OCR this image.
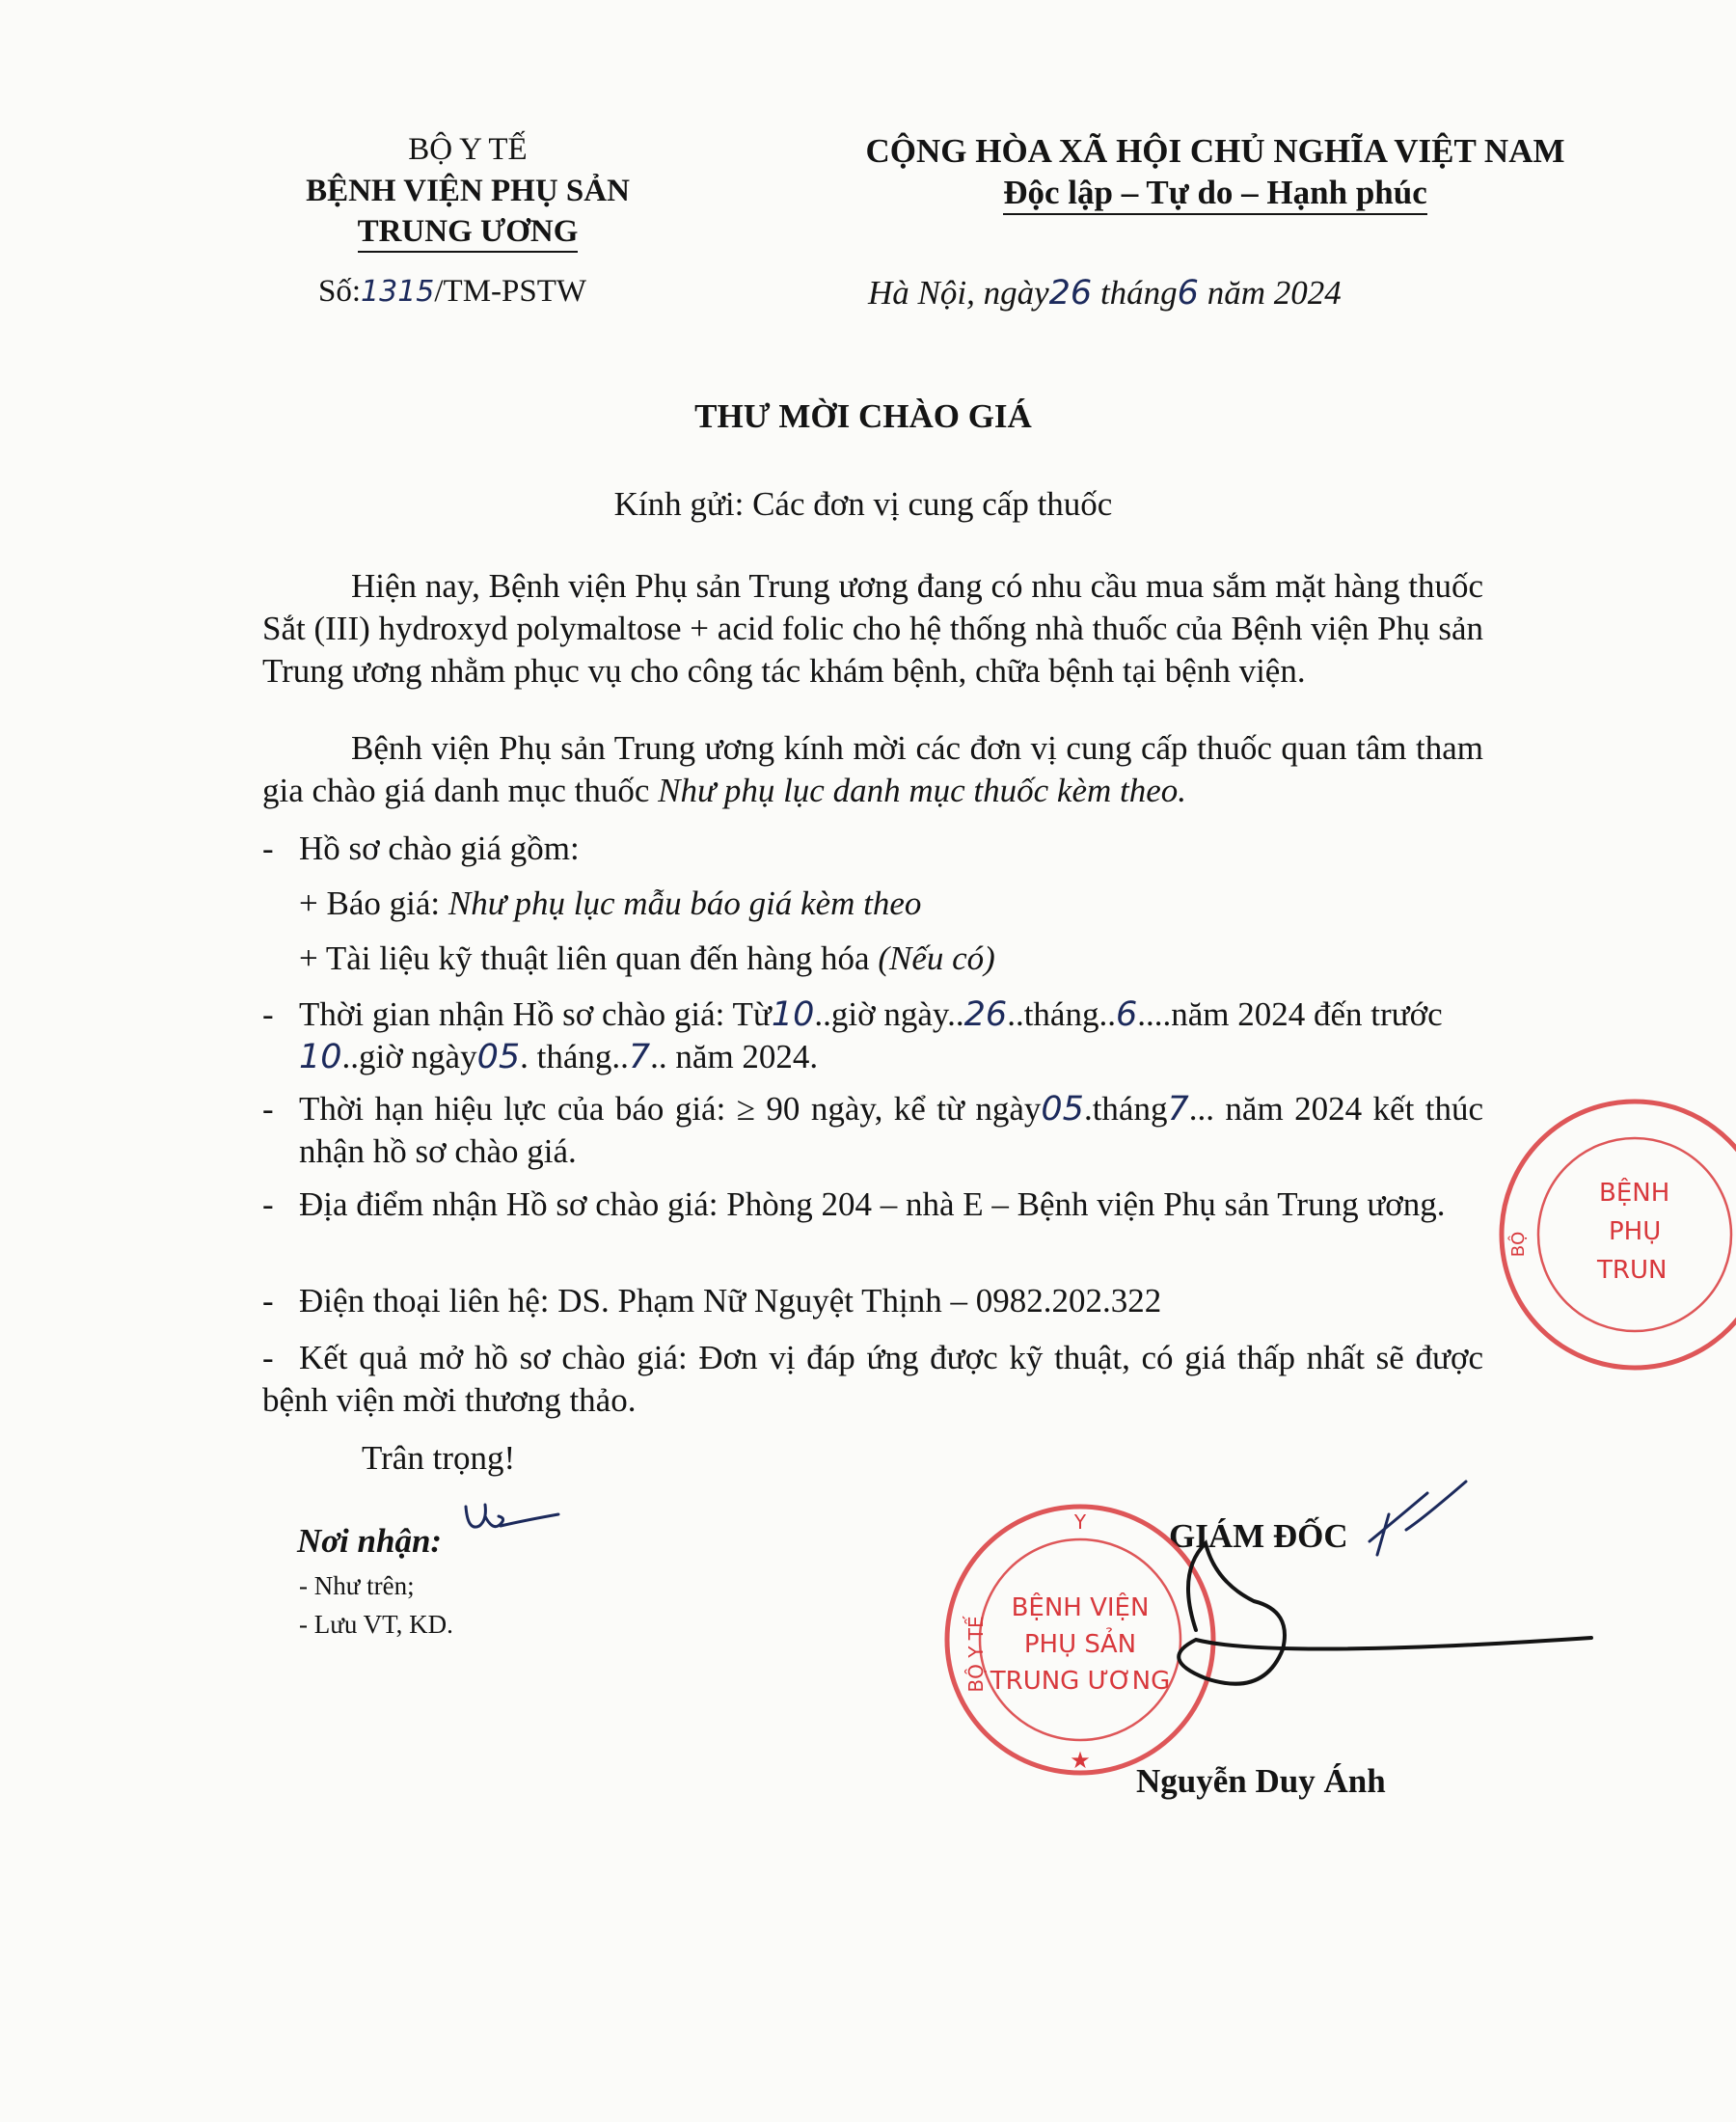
BỘ Y TẾ
BỆNH VIỆN PHỤ SẢN
TRUNG ƯƠNG
Số:1315/TM-PSTW
CỘNG HÒA XÃ HỘI CHỦ NGHĨA VIỆT NAM
Độc lập – Tự do – Hạnh phúc
Hà Nội, ngày26 tháng6 năm 2024
THƯ MỜI CHÀO GIÁ
Kính gửi: Các đơn vị cung cấp thuốc
Hiện nay, Bệnh viện Phụ sản Trung ương đang có nhu cầu mua sắm mặt hàng thuốc Sắt (III) hydroxyd polymaltose + acid folic cho hệ thống nhà thuốc của Bệnh viện Phụ sản Trung ương nhằm phục vụ cho công tác khám bệnh, chữa bệnh tại bệnh viện.
Bệnh viện Phụ sản Trung ương kính mời các đơn vị cung cấp thuốc quan tâm tham gia chào giá danh mục thuốc Như phụ lục danh mục thuốc kèm theo.
- Hồ sơ chào giá gồm:
+ Báo giá: Như phụ lục mẫu báo giá kèm theo
+ Tài liệu kỹ thuật liên quan đến hàng hóa (Nếu có)
- Thời gian nhận Hồ sơ chào giá: Từ10..giờ ngày..26..tháng..6....năm 2024 đến trước
10..giờ ngày05. tháng..7.. năm 2024.
- Thời hạn hiệu lực của báo giá: ≥ 90 ngày, kể từ ngày05.tháng7... năm 2024 kết thúc nhận hồ sơ chào giá.
- Địa điểm nhận Hồ sơ chào giá: Phòng 204 – nhà E – Bệnh viện Phụ sản Trung ương.
- Điện thoại liên hệ: DS. Phạm Nữ Nguyệt Thịnh – 0982.202.322
- Kết quả mở hồ sơ chào giá: Đơn vị đáp ứng được kỹ thuật, có giá thấp nhất sẽ được bệnh viện mời thương thảo.
Trân trọng!
Nơi nhận:
- Như trên;
- Lưu VT, KD.
GIÁM ĐỐC
Nguyễn Duy Ánh
Y
★
BỘ Y TẾ
BỆNH VIỆN
PHỤ SẢN
TRUNG ƯƠNG
BỘ
BỆNH
PHỤ
TRUN
